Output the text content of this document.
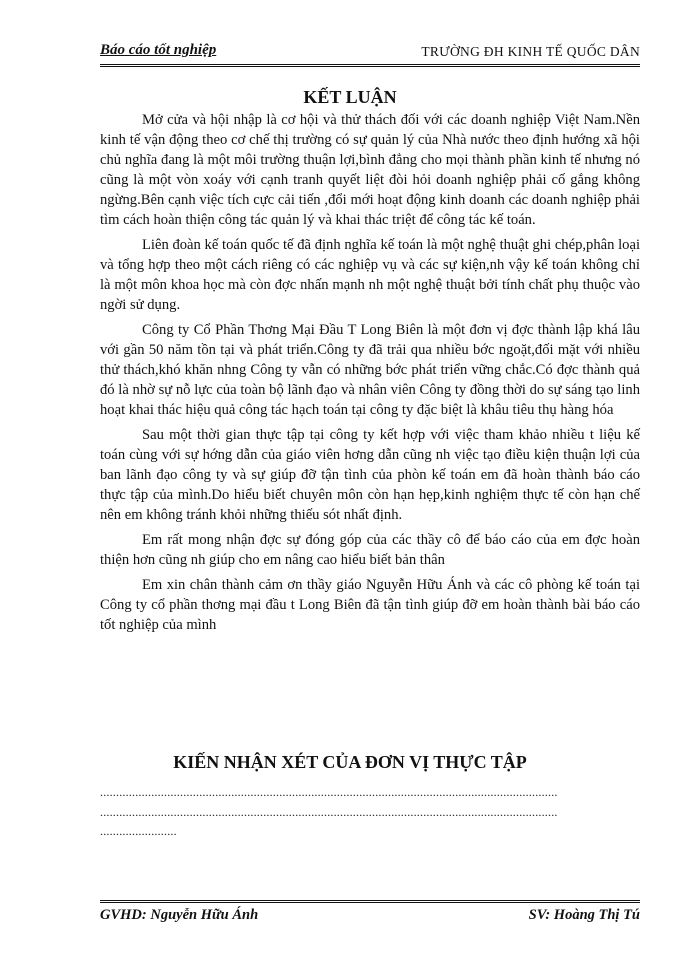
Báo cáo tốt nghiệp	TRƯỜNG ĐH KINH TẾ QUỐC DÂN
KẾT LUẬN

Mở cửa và hội nhập là cơ hội và thử thách đối với các doanh nghiệp Việt Nam.Nền kinh tế vận động theo cơ chế thị trường có sự quản lý của Nhà nước theo định hướng xã hội chủ nghĩa đang là một môi trường thuận lợi,bình đẳng cho mọi thành phần kinh tế nhưng nó cũng là một vòn xoáy với cạnh tranh quyết liệt đòi hỏi doanh nghiệp phải cố gắng không ngừng.Bên cạnh việc tích cực cải tiến ,đổi mới hoạt động kinh doanh các doanh nghiệp phải tìm cách hoàn thiện công tác quản lý và khai thác triệt để công tác kế toán.

Liên đoàn kế toán quốc tế đã định nghĩa kế toán là một nghệ thuật ghi chép,phân loại và tổng hợp theo một cách riêng có các nghiệp vụ và các sự kiện,nh vậy kế toán không chỉ là một môn khoa học mà còn đợc nhấn mạnh nh một nghệ thuật bởi tính chất phụ thuộc vào ngời sử dụng.

Công ty Cổ Phần Thơng Mại Đầu T Long Biên là một đơn vị đợc thành lập khá lâu với gần 50 năm tồn tại và phát triển.Công ty đã trải qua nhiều bớc ngoặt,đối mặt với nhiều thử thách,khó khăn nhng Công ty vẫn có những bớc phát triển vững chắc.Có đợc thành quả đó là nhờ sự nỗ lực của toàn bộ lãnh đạo và nhân viên Công ty đồng thời do sự sáng tạo linh hoạt khai thác hiệu quả công tác hạch toán tại công ty đặc biệt là khâu tiêu thụ hàng hóa

Sau một thời gian thực tập tại công ty kết hợp với việc tham khảo nhiều t liệu kế toán cùng với sự hớng dẫn của giáo viên hơng dẫn cũng nh việc tạo điều kiện thuận lợi của ban lãnh đạo công ty và sự giúp đỡ tận tình của phòn kế toán em đã hoàn thành báo cáo thực tập của mình.Do hiểu biết chuyên môn còn hạn hẹp,kinh nghiệm thực tế còn hạn chế nên em không tránh khỏi những thiếu sót nhất định.

Em rất mong nhận đợc sự đóng góp của các thầy cô để báo cáo của em đợc hoàn thiện hơn cũng nh giúp cho em nâng cao hiểu biết bản thân

Em xin chân thành cảm ơn thầy giáo Nguyễn Hữu Ánh và các cô phòng kế toán tại Công ty cổ phần thơng mại đầu t Long Biên đã tận tình giúp đỡ em hoàn thành bài báo cáo tốt nghiệp của mình

KIẾN NHẬN XÉT CỦA ĐƠN VỊ THỰC TẬP
...............................................................................................................................................
...............................................................................................................................................
........................
GVHD: Nguyễn Hữu Ánh	SV: Hoàng Thị Tú
